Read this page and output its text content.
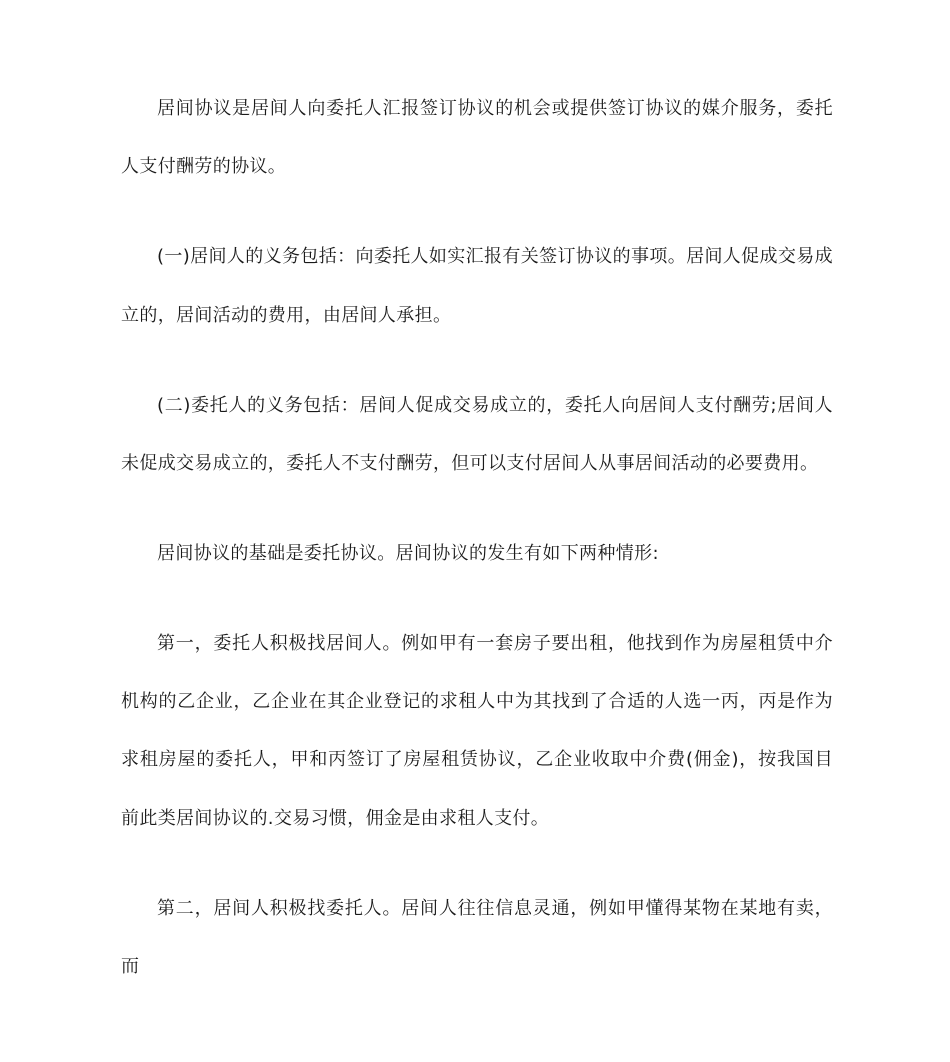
居间协议是居间人向委托人汇报签订协议的机会或提供签订协议的媒介服务，委托人支付酬劳的协议。

(一)居间人的义务包括：向委托人如实汇报有关签订协议的事项。居间人促成交易成立的，居间活动的费用，由居间人承担。

(二)委托人的义务包括：居间人促成交易成立的，委托人向居间人支付酬劳;居间人未促成交易成立的，委托人不支付酬劳，但可以支付居间人从事居间活动的必要费用。

居间协议的基础是委托协议。居间协议的发生有如下两种情形:

第一，委托人积极找居间人。例如甲有一套房子要出租，他找到作为房屋租赁中介机构的乙企业，乙企业在其企业登记的求租人中为其找到了合适的人选一丙，丙是作为求租房屋的委托人，甲和丙签订了房屋租赁协议，乙企业收取中介费(佣金)，按我国目前此类居间协议的.交易习惯，佣金是由求租人支付。

第二，居间人积极找委托人。居间人往往信息灵通，例如甲懂得某物在某地有卖，而
